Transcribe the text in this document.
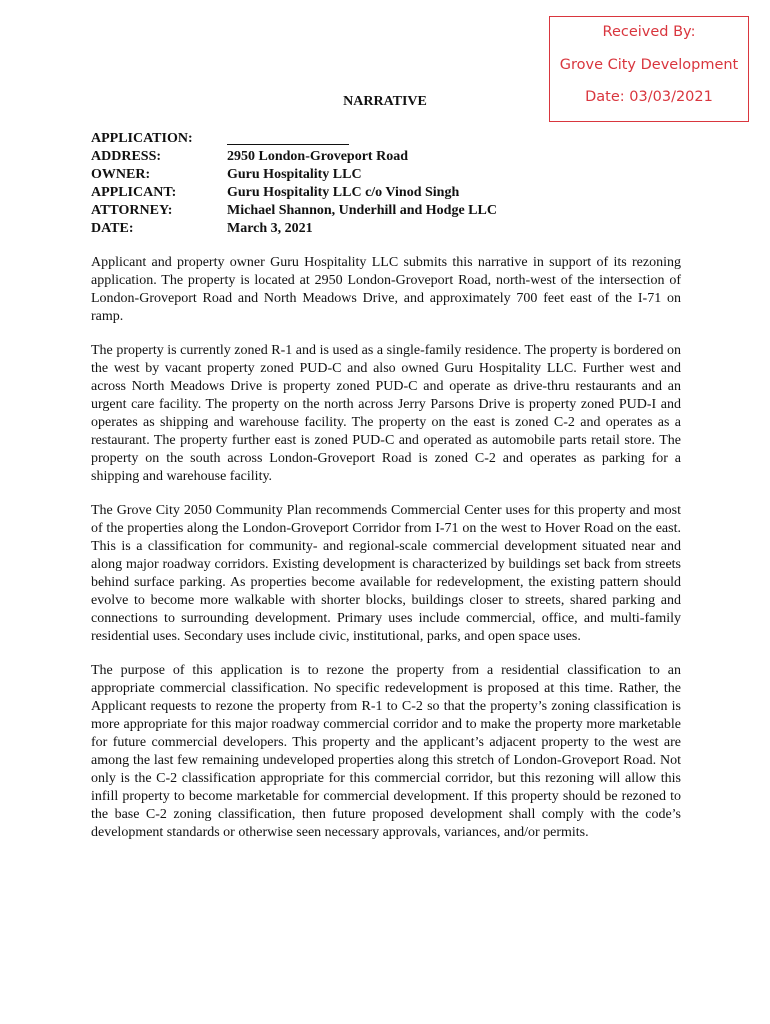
Received By:
Grove City Development
Date: 03/03/2021
NARRATIVE
APPLICATION:
ADDRESS:	2950 London-Groveport Road
OWNER:	Guru Hospitality LLC
APPLICANT:	Guru Hospitality LLC c/o Vinod Singh
ATTORNEY:	Michael Shannon, Underhill and Hodge LLC
DATE:	March 3, 2021

Applicant and property owner Guru Hospitality LLC submits this narrative in support of its rezoning application. The property is located at 2950 London-Groveport Road, north-west of the intersection of London-Groveport Road and North Meadows Drive, and approximately 700 feet east of the I-71 on ramp.

The property is currently zoned R-1 and is used as a single-family residence. The property is bordered on the west by vacant property zoned PUD-C and also owned Guru Hospitality LLC. Further west and across North Meadows Drive is property zoned PUD-C and operate as drive-thru restaurants and an urgent care facility. The property on the north across Jerry Parsons Drive is property zoned PUD-I and operates as shipping and warehouse facility. The property on the east is zoned C-2 and operates as a restaurant. The property further east is zoned PUD-C and operated as automobile parts retail store. The property on the south across London-Groveport Road is zoned C-2 and operates as parking for a shipping and warehouse facility.

The Grove City 2050 Community Plan recommends Commercial Center uses for this property and most of the properties along the London-Groveport Corridor from I-71 on the west to Hover Road on the east. This is a classification for community- and regional-scale commercial development situated near and along major roadway corridors. Existing development is characterized by buildings set back from streets behind surface parking. As properties become available for redevelopment, the existing pattern should evolve to become more walkable with shorter blocks, buildings closer to streets, shared parking and connections to surrounding development. Primary uses include commercial, office, and multi-family residential uses. Secondary uses include civic, institutional, parks, and open space uses.

The purpose of this application is to rezone the property from a residential classification to an appropriate commercial classification. No specific redevelopment is proposed at this time. Rather, the Applicant requests to rezone the property from R-1 to C-2 so that the property’s zoning classification is more appropriate for this major roadway commercial corridor and to make the property more marketable for future commercial developers. This property and the applicant’s adjacent property to the west are among the last few remaining undeveloped properties along this stretch of London-Groveport Road. Not only is the C-2 classification appropriate for this commercial corridor, but this rezoning will allow this infill property to become marketable for commercial development. If this property should be rezoned to the base C-2 zoning classification, then future proposed development shall comply with the code’s development standards or otherwise seen necessary approvals, variances, and/or permits.
